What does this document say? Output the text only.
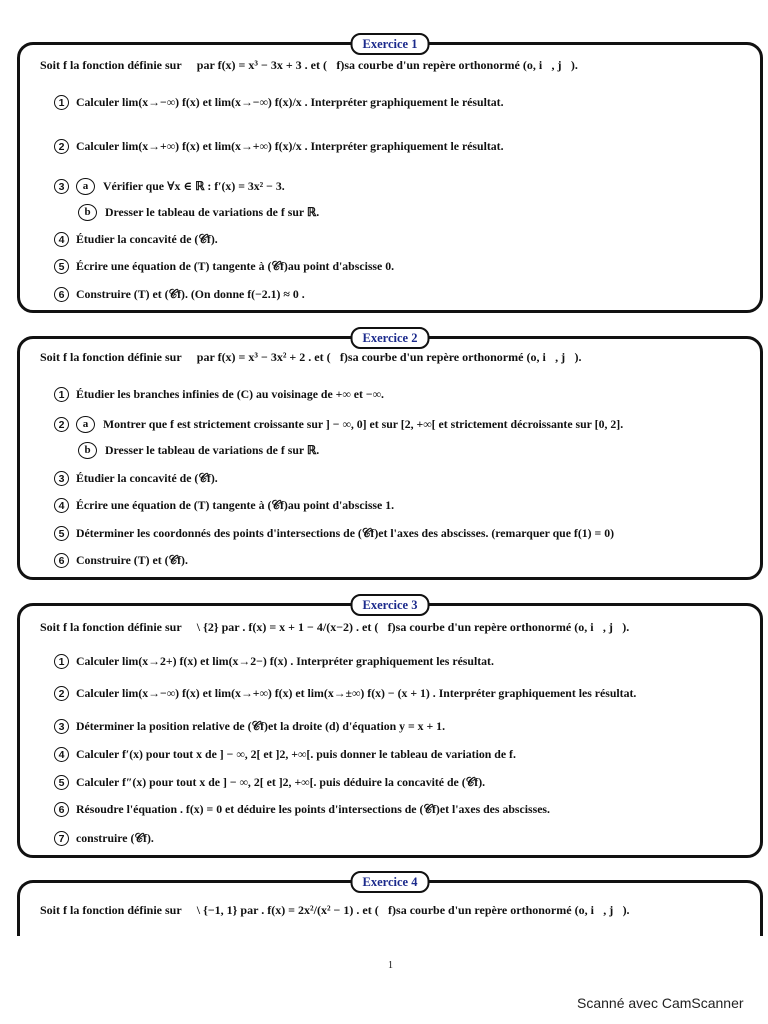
Exercice 1
Soit f la fonction définie sur ℝ par f(x) = x³ − 3x + 3 . et (𝒞f)sa courbe d'un repère orthonormé (o, i⃗, j⃗).
1 Calculer lim(x→−∞) f(x) et lim(x→−∞) f(x)/x . Interpréter graphiquement le résultat.
2 Calculer lim(x→+∞) f(x) et lim(x→+∞) f(x)/x . Interpréter graphiquement le résultat.
3	a	Vérifier que ∀x ∈ ℝ : f′(x) = 3x² − 3.
b	Dresser le tableau de variations de f sur ℝ.
4 Étudier la concavité de (𝒞f).
5 Écrire une équation de (T) tangente à (𝒞f)au point d'abscisse 0.
6 Construire (T) et (𝒞f). (On donne f(−2.1) ≈ 0 .
Exercice 2
Soit f la fonction définie sur ℝ par f(x) = x³ − 3x² + 2 . et (𝒞f)sa courbe d'un repère orthonormé (o, i⃗, j⃗).
1 Étudier les branches infinies de (C) au voisinage de +∞ et −∞.
2	a	Montrer que f est strictement croissante sur ] − ∞, 0] et sur [2, +∞[ et strictement décroissante sur [0, 2].
b	Dresser le tableau de variations de f sur ℝ.
3 Étudier la concavité de (𝒞f).
4 Écrire une équation de (T) tangente à (𝒞f)au point d'abscisse 1.
5 Déterminer les coordonnés des points d'intersections de (𝒞f)et l'axes des abscisses. (remarquer que f(1) = 0)
6 Construire (T) et (𝒞f).
Exercice 3
Soit f la fonction définie sur ℝ \ {2} par . f(x) = x + 1 − 4/(x−2) . et (𝒞f)sa courbe d'un repère orthonormé (o, i⃗, j⃗).
1 Calculer lim(x→2+) f(x) et lim(x→2−) f(x) . Interpréter graphiquement les résultat.
2 Calculer lim(x→−∞) f(x) et lim(x→+∞) f(x) et lim(x→±∞) f(x) − (x + 1) . Interpréter graphiquement les résultat.
3 Déterminer la position relative de (𝒞f)et la droite (d) d'équation y = x + 1.
4 Calculer f′(x) pour tout x de ] − ∞, 2[ et ]2, +∞[. puis donner le tableau de variation de f.
5 Calculer f″(x) pour tout x de ] − ∞, 2[ et ]2, +∞[. puis déduire la concavité de (𝒞f).
6 Résoudre l'équation . f(x) = 0 et déduire les points d'intersections de (𝒞f)et l'axes des abscisses.
7 construire (𝒞f).
Exercice 4
Soit f la fonction définie sur ℝ \ {−1, 1} par . f(x) = 2x²/(x² − 1) . et (𝒞f)sa courbe d'un repère orthonormé (o, i⃗, j⃗).
1
Scanné avec CamScanner
